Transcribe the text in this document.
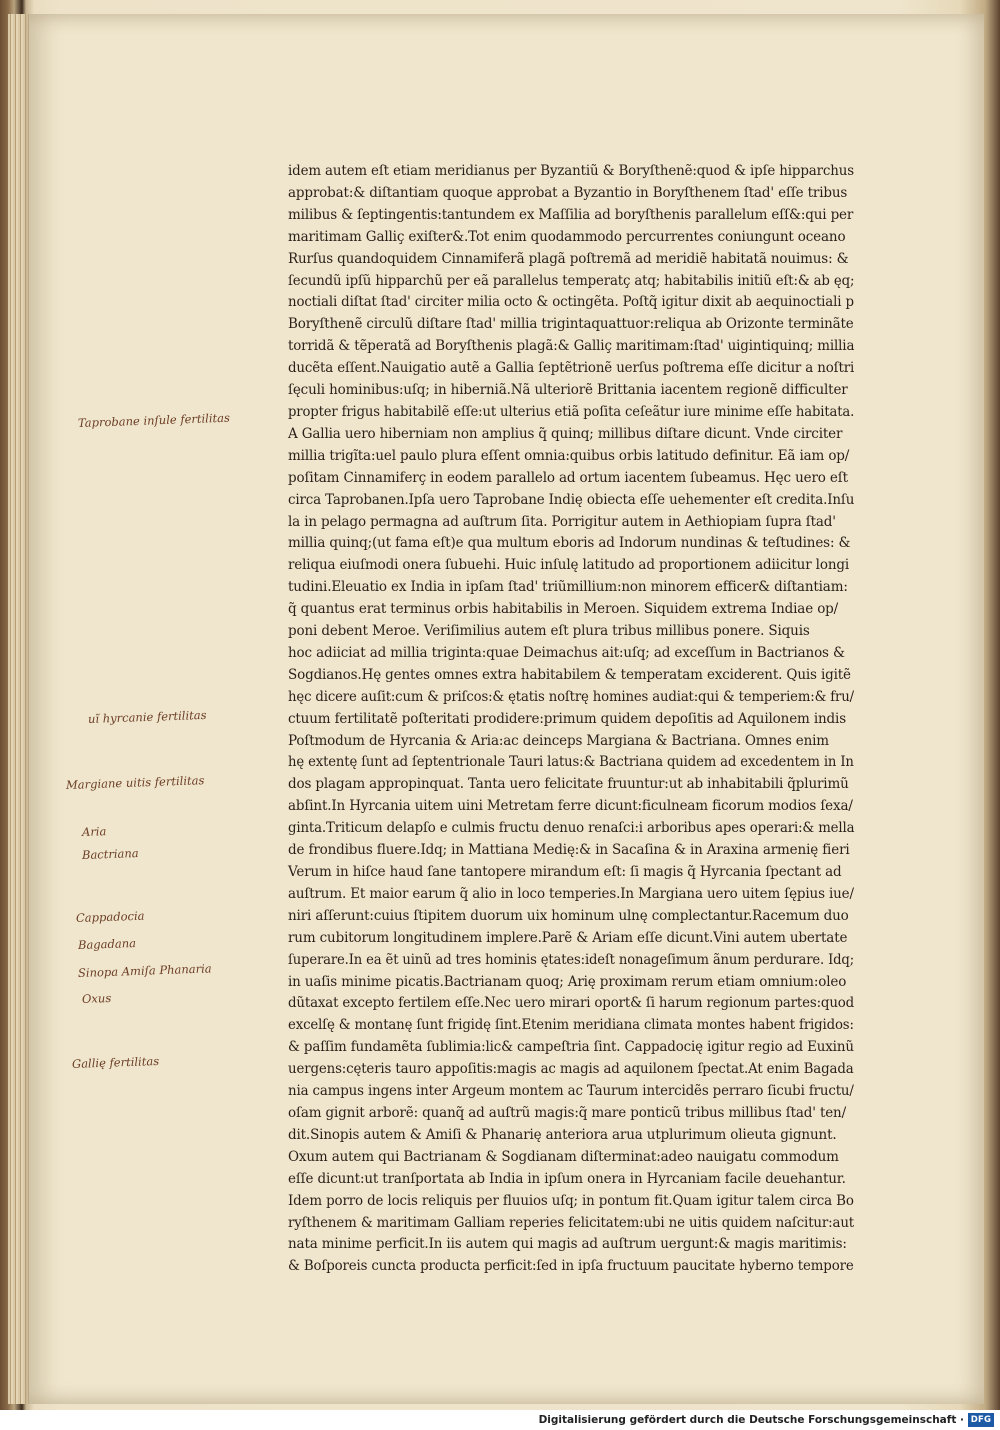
idem autem eſt etiam meridianus per Byzantiũ & Boryſthenẽ:quod & ipſe hipparchusapprobat:& diſtantiam quoque approbat a Byzantio in Boryſthenem ſtad' eſſe tribusmilibus & ſeptingentis:tantundem ex Maſſilia ad boryſthenis parallelum eſſ&:qui permaritimam Galliç exiſter&.Tot enim quodammodo percurrentes coniungunt oceanoRurſus quandoquidem Cinnamiferã plagã poſtremã ad meridiẽ habitatã nouimus: &ſecundũ ipſũ hipparchũ per eã parallelus temperatç atq; habitabilis initiũ eſt:& ab ęq;noctiali diſtat ſtad' circiter milia octo & octingẽta. Poſtq̃ igitur dixit ab aequinoctiali pBoryſthenẽ circulũ diſtare ſtad' millia trigintaquattuor:reliqua ab Orizonte terminãtetorridã & tẽperatã ad Boryſthenis plagã:& Galliç maritimam:ſtad' uigintiquinq; milliaducẽta eſſent.Nauigatio autẽ a Gallia ſeptẽtrionẽ uerſus poſtrema eſſe dicitur a noſtriſęculi hominibus:uſq; in hiberniã.Nã ulteriorẽ Brittania iacentem regionẽ difficulterpropter frigus habitabilẽ eſſe:ut ulterius etiã poſita ceſeãtur iure minime eſſe habitata.A Gallia uero hiberniam non amplius q̃ quinq; millibus diſtare dicunt. Vnde circitermillia trigĩta:uel paulo plura eſſent omnia:quibus orbis latitudo definitur. Eã iam op/poſitam Cinnamiferç in eodem parallelo ad ortum iacentem ſubeamus. Hęc uero eſtcirca Taprobanen.Ipſa uero Taprobane Indię obiecta eſſe uehementer eſt credita.Inſula in pelago permagna ad auſtrum ſita. Porrigitur autem in Aethiopiam ſupra ſtad'millia quinq;(ut fama eſt)e qua multum eboris ad Indorum nundinas & teſtudines: &reliqua eiuſmodi onera ſubuehi. Huic inſulę latitudo ad proportionem adiicitur longitudini.Eleuatio ex India in ipſam ſtad' triũmillium:non minorem efficer& diſtantiam:q̃ quantus erat terminus orbis habitabilis in Meroen. Siquidem extrema Indiae op/poni debent Meroe. Veriſimilius autem eſt plura tribus millibus ponere. Siquishoc adiiciat ad millia triginta:quae Deimachus ait:uſq; ad exceſſum in Bactrianos &Sogdianos.Hę gentes omnes extra habitabilem & temperatam exciderent. Quis igitẽhęc dicere auſit:cum & priſcos:& ętatis noſtrę homines audiat:qui & temperiem:& fru/ctuum fertilitatẽ poſteritati prodidere:primum quidem depoſitis ad Aquilonem indisPoſtmodum de Hyrcania & Aria:ac deinceps Margiana & Bactriana. Omnes enimhę extentę ſunt ad ſeptentrionale Tauri latus:& Bactriana quidem ad excedentem in Indos plagam appropinquat. Tanta uero felicitate fruuntur:ut ab inhabitabili q̃plurimũabſint.In Hyrcania uitem uini Metretam ferre dicunt:ficulneam ficorum modios ſexa/ginta.Triticum delapſo e culmis fructu denuo renaſci:i arboribus apes operari:& mellade frondibus fluere.Idq; in Mattiana Medię:& in Sacaſina & in Araxina armenię fieriVerum in hiſce haud ſane tantopere mirandum eſt: ſi magis q̃ Hyrcania ſpectant adauſtrum. Et maior earum q̃ alio in loco temperies.In Margiana uero uitem ſępius iue/niri aſſerunt:cuius ſtipitem duorum uix hominum ulnę complectantur.Racemum duorum cubitorum longitudinem implere.Parẽ & Ariam eſſe dicunt.Vini autem ubertateſuperare.In ea ẽt uinũ ad tres hominis ętates:ideſt nonageſimum ãnum perdurare. Idq;in uaſis minime picatis.Bactrianam quoq; Arię proximam rerum etiam omnium:oleodũtaxat excepto fertilem eſſe.Nec uero mirari oport& ſi harum regionum partes:quodexcelſę & montanę ſunt frigidę ſint.Etenim meridiana climata montes habent frigidos:& paſſim fundamẽta ſublimia:lic& campeſtria ſint. Cappadocię igitur regio ad Euxinũuergens:cęteris tauro appoſitis:magis ac magis ad aquilonem ſpectat.At enim Bagadania campus ingens inter Argeum montem ac Taurum intercidẽs perraro ſicubi fructu/oſam gignit arborẽ: quanq̃ ad auſtrũ magis:q̃ mare ponticũ tribus millibus ſtad' ten/dit.Sinopis autem & Amiſi & Phanarię anteriora arua utplurimum olieuta gignunt.Oxum autem qui Bactrianam & Sogdianam diſterminat:adeo nauigatu commodumeſſe dicunt:ut tranſportata ab India in ipſum onera in Hyrcaniam facile deuehantur.Idem porro de locis reliquis per fluuios uſq; in pontum fit.Quam igitur talem circa Boryſthenem & maritimam Galliam reperies felicitatem:ubi ne uitis quidem naſcitur:autnata minime perficit.In iis autem qui magis ad auſtrum uergunt:& magis maritimis:& Boſporeis cuncta producta perficit:ſed in ipſa fructuum paucitate hyberno tempore
Taprobane inſule fertilitas
uĩ hyrcanie fertilitas
Margiane uitis fertilitas
Aria
Bactriana
Cappadocia
Bagadana
Sinopa Amiſa Phanaria
Oxus
Gallię fertilitas
Digitalisierung gefördert durch die Deutsche Forschungsgemeinschaft · DFG
